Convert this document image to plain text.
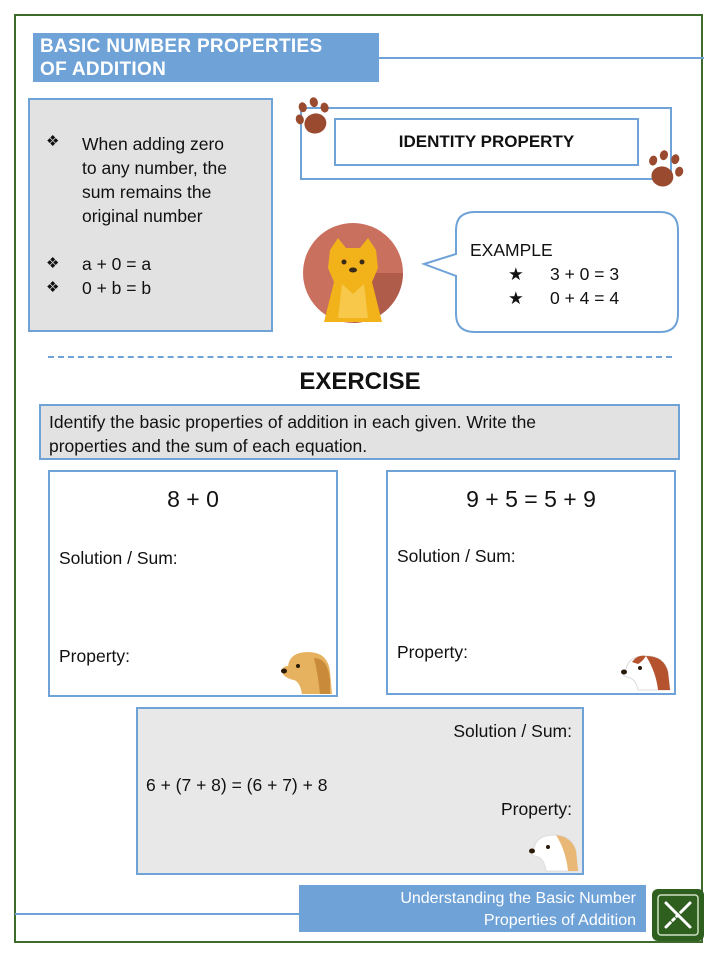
BASIC NUMBER PROPERTIES
OF ADDITION
❖	When adding zero
to any number, the
sum remains the
original number
❖	a + 0 = a
❖	0 + b = b
IDENTITY PROPERTY
EXAMPLE
★	3 + 0 = 3
★	0 + 4 = 4
EXERCISE
Identify the basic properties of addition in each given. Write the
properties and the sum of each equation.
8 + 0
Solution / Sum:
Property:
9 + 5 = 5 + 9
Solution / Sum:
Property:
Solution / Sum:
6 + (7 + 8) = (6 + 7) + 8
Property:
Understanding the Basic Number
Properties of Addition
